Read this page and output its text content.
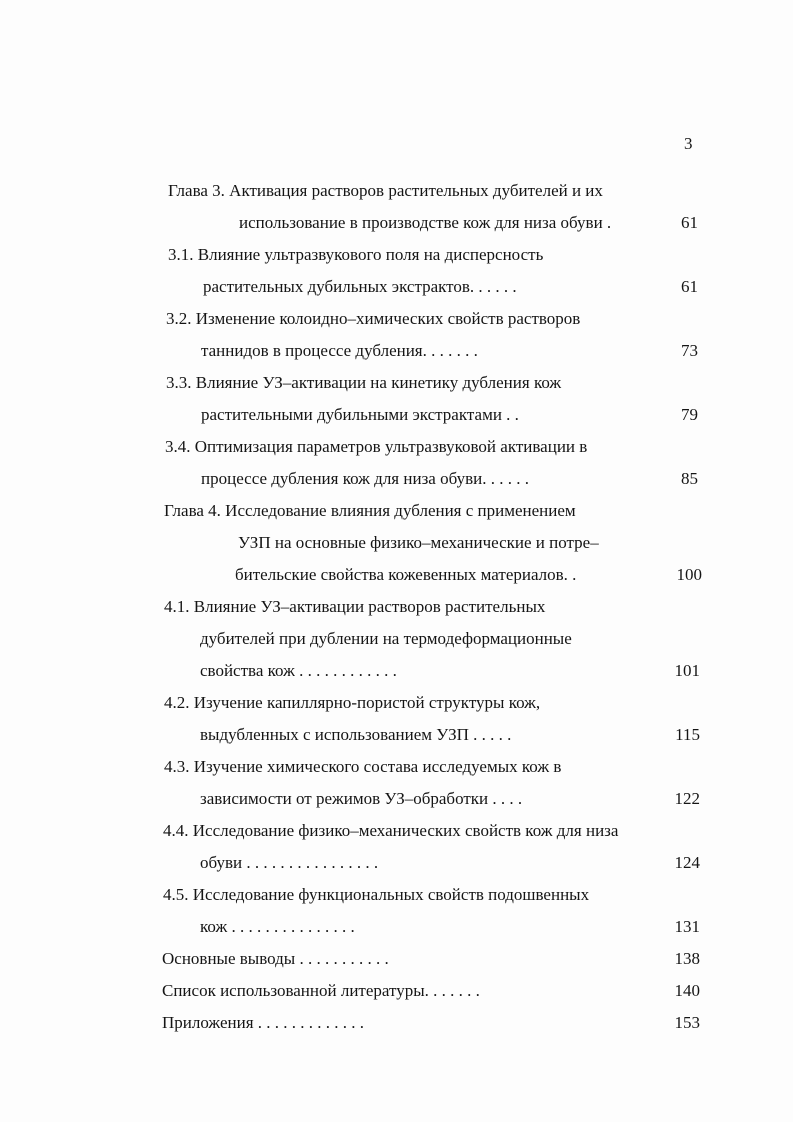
3
Глава 3. Активация растворов растительных дубителей и их
использование в производстве кож для низа обуви .	61
3.1. Влияние ультразвукового поля на дисперсность
растительных дубильных экстрактов. . . . . .	61
3.2. Изменение колоидно–химических свойств растворов
таннидов в процессе дубления. . . . . . .	73
3.3. Влияние УЗ–активации на кинетику дубления кож
растительными дубильными экстрактами . .	79
3.4. Оптимизация параметров ультразвуковой активации в
процессе дубления кож для низа обуви. . . . . .	85
Глава 4. Исследование влияния дубления с применением
УЗП на основные физико–механические и потре–
бительские свойства кожевенных материалов. .	100
4.1. Влияние УЗ–активации растворов растительных
дубителей при дублении на термодеформационные
свойства кож . . . . . . . . . . . .	101
4.2. Изучение капиллярно-пористой структуры кож,
выдубленных с использованием УЗП . . . . .	115
4.3. Изучение химического состава исследуемых кож в
зависимости от режимов УЗ–обработки . . . .	122
4.4. Исследование физико–механических свойств кож для низа
обуви . . . . . . . . . . . . . . . .	124
4.5. Исследование функциональных свойств подошвенных
кож . . . . . . . . . . . . . . .	131
Основные выводы . . . . . . . . . . .	138
Список использованной литературы. . . . . . .	140
Приложения . . . . . . . . . . . . .	153
